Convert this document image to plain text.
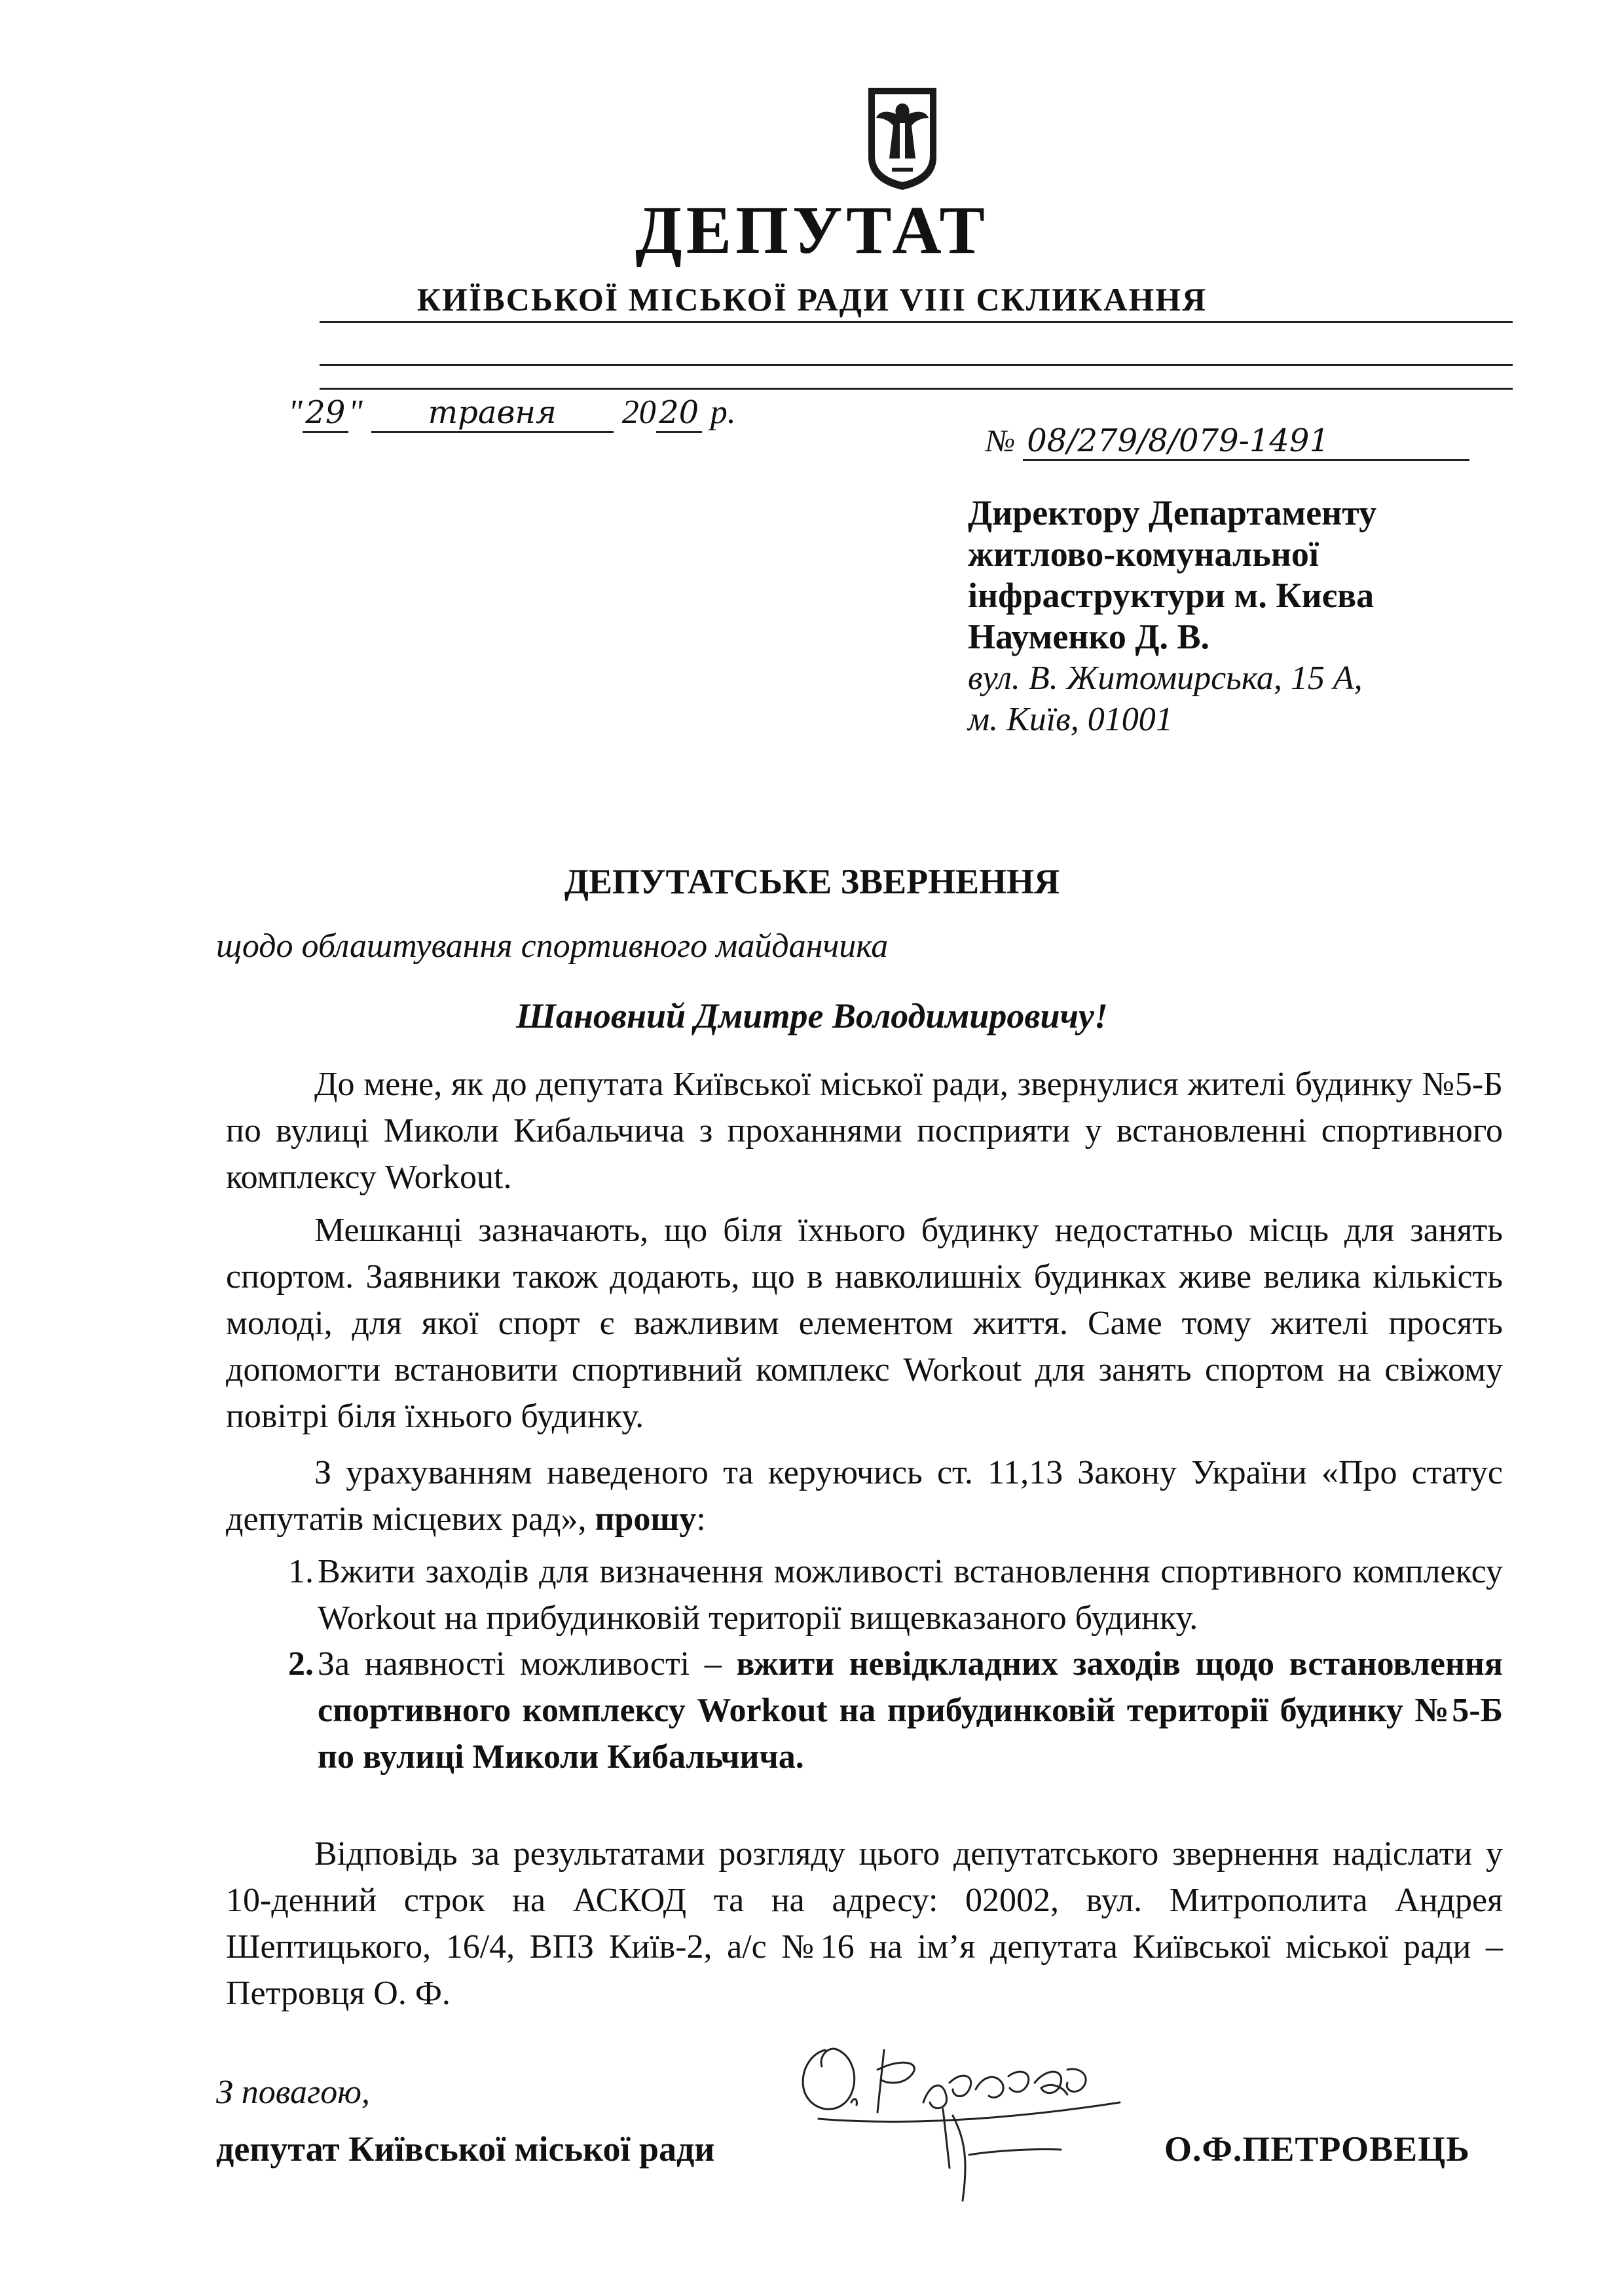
ДЕПУТАТ
КИЇВСЬКОЇ МІСЬКОЇ РАДИ VIII СКЛИКАННЯ
"29" травня 2020 р.
№ 08/279/8/079-1491
Директору Департаменту
житлово-комунальної
інфраструктури м. Києва
Науменко Д. В.
вул. В. Житомирська, 15 А,
м. Київ, 01001
ДЕПУТАТСЬКЕ ЗВЕРНЕННЯ
щодо облаштування спортивного майданчика
Шановний Дмитре Володимировичу!
До мене, як до депутата Київської міської ради, звернулися жителі будинку №5-Б по вулиці Миколи Кибальчича з проханнями посприяти у встановленні спортивного комплексу Workout.
Мешканці зазначають, що біля їхнього будинку недостатньо місць для занять спортом. Заявники також додають, що в навколишніх будинках живе велика кількість молоді, для якої спорт є важливим елементом життя. Саме тому жителі просять допомогти встановити спортивний комплекс Workout для занять спортом на свіжому повітрі біля їхнього будинку.
З урахуванням наведеного та керуючись ст. 11,13 Закону України «Про статус депутатів місцевих рад», прошу:
1. Вжити заходів для визначення можливості встановлення спортивного комплексу Workout на прибудинковій території вищевказаного будинку.
2. За наявності можливості – вжити невідкладних заходів щодо встановлення спортивного комплексу Workout на прибудинковій території будинку №5-Б по вулиці Миколи Кибальчича.
Відповідь за результатами розгляду цього депутатського звернення надіслати у 10-денний строк на АСКОД та на адресу: 02002, вул. Митрополита Андрея Шептицького, 16/4, ВПЗ Київ-2, а/с №16 на ім’я депутата Київської міської ради – Петровця О. Ф.
З повагою,
депутат Київської міської ради	О.Ф.ПЕТРОВЕЦЬ
